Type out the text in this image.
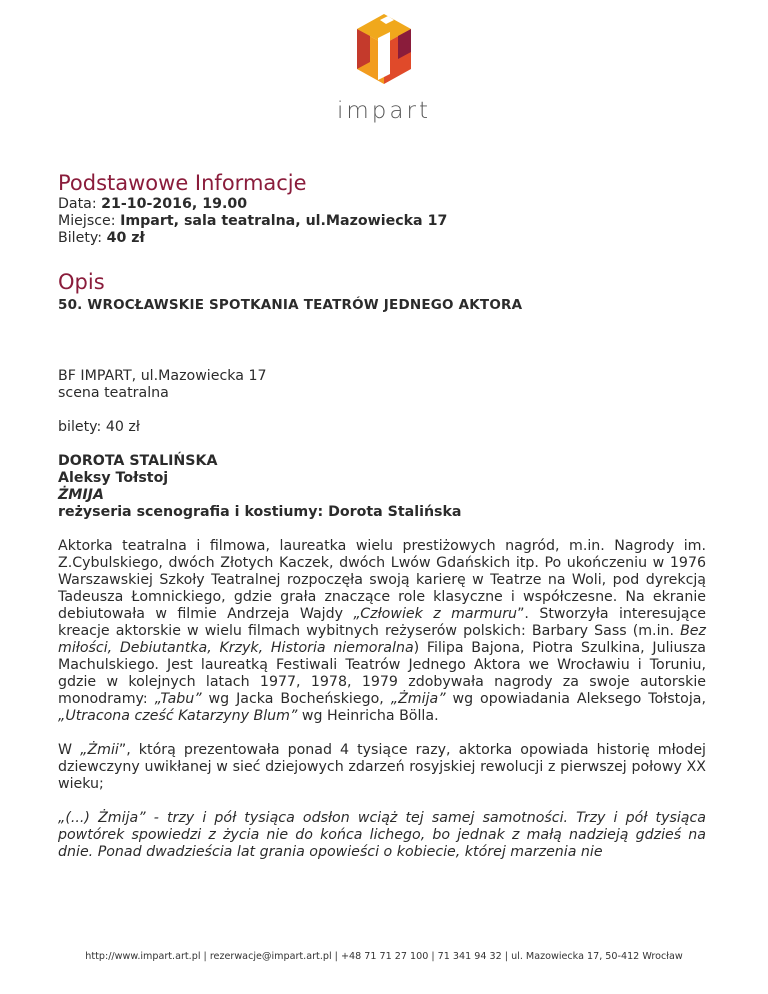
impart
Podstawowe Informacje

Data: 21-10-2016, 19.00

Miejsce: Impart, sala teatralna, ul.Mazowiecka 17

Bilety: 40 zł

Opis

50. WROCŁAWSKIE SPOTKANIA TEATRÓW JEDNEGO AKTORA

BF IMPART, ul.Mazowiecka 17

scena teatralna

bilety: 40 zł

DOROTA STALIŃSKA

Aleksy Tołstoj

ŻMIJA

reżyseria scenografia i kostiumy: Dorota Stalińska

Aktorka teatralna i filmowa, laureatka wielu prestiżowych nagród, m.in. Nagrody im. Z.Cybulskiego, dwóch Złotych Kaczek, dwóch Lwów Gdańskich itp. Po ukończeniu w 1976 Warszawskiej Szkoły Teatralnej rozpoczęła swoją karierę w Teatrze na Woli, pod dyrekcją Tadeusza Łomnickiego, gdzie grała znaczące role klasyczne i współczesne. Na ekranie debiutowała w filmie Andrzeja Wajdy „Człowiek z marmuru”. Stworzyła interesujące kreacje aktorskie w wielu filmach wybitnych reżyserów polskich: Barbary Sass (m.in. Bez miłości, Debiutantka, Krzyk, Historia niemoralna) Filipa Bajona, Piotra Szulkina, Juliusza Machulskiego. Jest laureatką Festiwali Teatrów Jednego Aktora we Wrocławiu i Toruniu, gdzie w kolejnych latach 1977, 1978, 1979 zdobywała nagrody za swoje autorskie monodramy: „Tabu” wg Jacka Bocheńskiego, „Żmija” wg opowiadania Aleksego Tołstoja, „Utracona cześć Katarzyny Blum” wg Heinricha Bölla.

W „Żmii”, którą prezentowała ponad 4 tysiące razy, aktorka opowiada historię młodej dziewczyny uwikłanej w sieć dziejowych zdarzeń rosyjskiej rewolucji z pierwszej połowy XX wieku;

„(...) Żmija” - trzy i pół tysiąca odsłon wciąż tej samej samotności. Trzy i pół tysiąca powtórek spowiedzi z życia nie do końca lichego, bo jednak z małą nadzieją gdzieś na dnie. Ponad dwadzieścia lat grania opowieści o kobiecie, której marzenia nie

http://www.impart.art.pl | rezerwacje@impart.art.pl | +48 71 71 27 100 | 71 341 94 32 | ul. Mazowiecka 17, 50-412 Wrocław
